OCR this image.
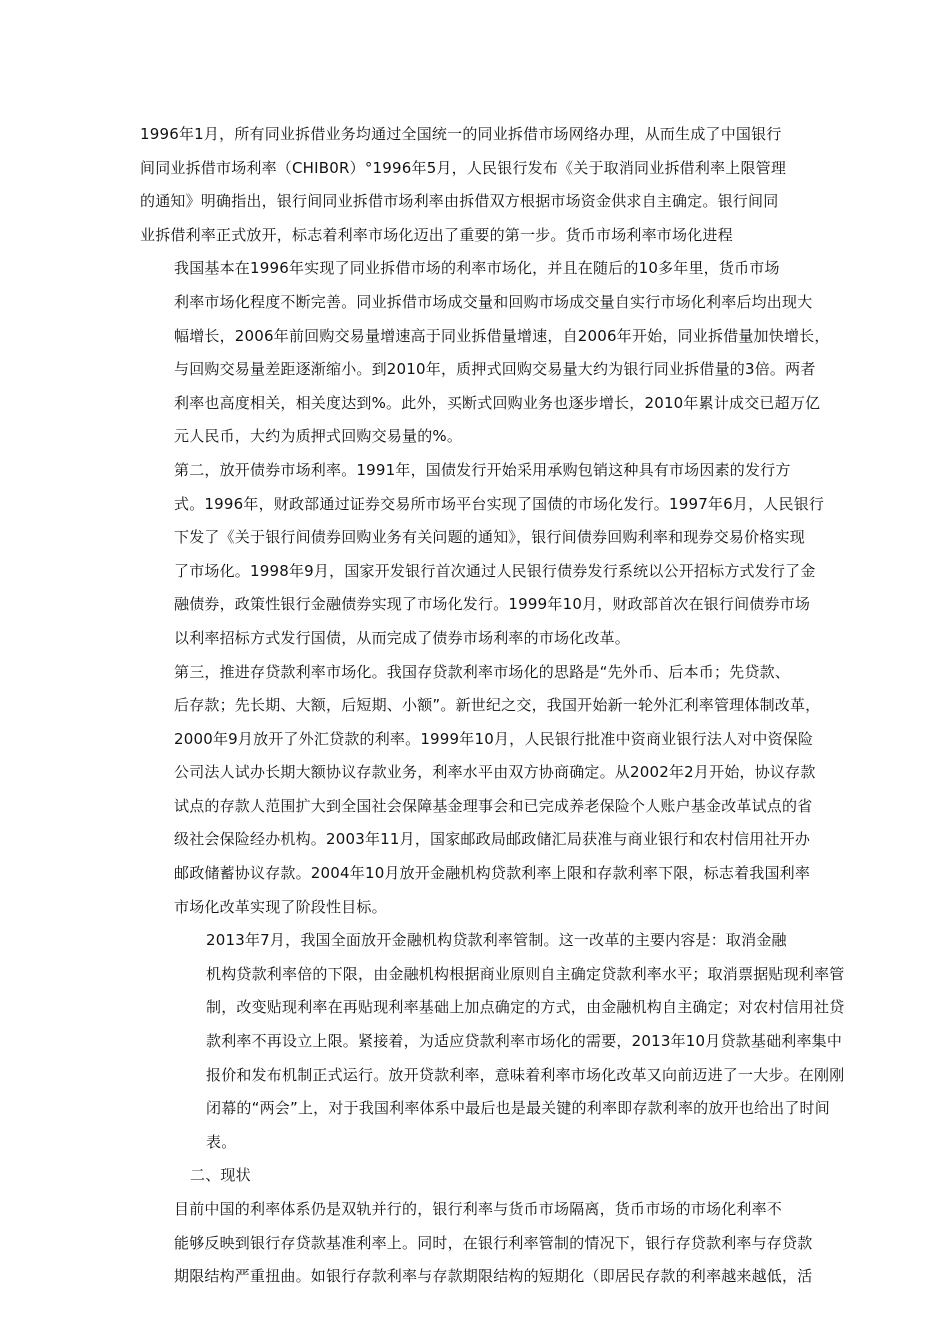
1996年1月，所有同业拆借业务均通过全国统一的同业拆借市场网络办理，从而生成了中国银行
间同业拆借市场利率（CHIB0R）°1996年5月，人民银行发布《关于取消同业拆借利率上限管理
的通知》明确指出，银行间同业拆借市场利率由拆借双方根据市场资金供求自主确定。银行间同
业拆借利率正式放开，标志着利率市场化迈出了重要的第一步。货币市场利率市场化进程

我国基本在1996年实现了同业拆借市场的利率市场化，并且在随后的10多年里，货币市场
利率市场化程度不断完善。同业拆借市场成交量和回购市场成交量自实行市场化利率后均出现大
幅增长，2006年前回购交易量增速高于同业拆借量增速，自2006年开始，同业拆借量加快增长，
与回购交易量差距逐渐缩小。到2010年，质押式回购交易量大约为银行同业拆借量的3倍。两者
利率也高度相关，相关度达到%。此外，买断式回购业务也逐步增长，2010年累计成交已超万亿
元人民币，大约为质押式回购交易量的%。

第二，放开债券市场利率。1991年，国债发行开始采用承购包销这种具有市场因素的发行方
式。1996年，财政部通过证券交易所市场平台实现了国债的市场化发行。1997年6月，人民银行
下发了《关于银行间债券回购业务有关问题的通知》，银行间债券回购利率和现券交易价格实现
了市场化。1998年9月，国家开发银行首次通过人民银行债券发行系统以公开招标方式发行了金
融债券，政策性银行金融债券实现了市场化发行。1999年10月，财政部首次在银行间债券市场
以利率招标方式发行国债，从而完成了债券市场利率的市场化改革。

第三，推进存贷款利率市场化。我国存贷款利率市场化的思路是“先外币、后本币；先贷款、
后存款；先长期、大额，后短期、小额”。新世纪之交，我国开始新一轮外汇利率管理体制改革，
2000年9月放开了外汇贷款的利率。1999年10月，人民银行批准中资商业银行法人对中资保险
公司法人试办长期大额协议存款业务，利率水平由双方协商确定。从2002年2月开始，协议存款
试点的存款人范围扩大到全国社会保障基金理事会和已完成养老保险个人账户基金改革试点的省
级社会保险经办机构。2003年11月，国家邮政局邮政储汇局获准与商业银行和农村信用社开办
邮政储蓄协议存款。2004年10月放开金融机构贷款利率上限和存款利率下限，标志着我国利率
市场化改革实现了阶段性目标。

2013年7月，我国全面放开金融机构贷款利率管制。这一改革的主要内容是：取消金融
机构贷款利率倍的下限，由金融机构根据商业原则自主确定贷款利率水平；取消票据贴现利率管
制，改变贴现利率在再贴现利率基础上加点确定的方式，由金融机构自主确定；对农村信用社贷
款利率不再设立上限。紧接着，为适应贷款利率市场化的需要，2013年10月贷款基础利率集中
报价和发布机制正式运行。放开贷款利率，意味着利率市场化改革又向前迈进了一大步。在刚刚
闭幕的“两会”上，对于我国利率体系中最后也是最关键的利率即存款利率的放开也给出了时间
表。

二、现状

目前中国的利率体系仍是双轨并行的，银行利率与货币市场隔离，货币市场的市场化利率不
能够反映到银行存贷款基准利率上。同时，在银行利率管制的情况下，银行存贷款利率与存贷款
期限结构严重扭曲。如银行存款利率与存款期限结构的短期化（即居民存款的利率越来越低，活
